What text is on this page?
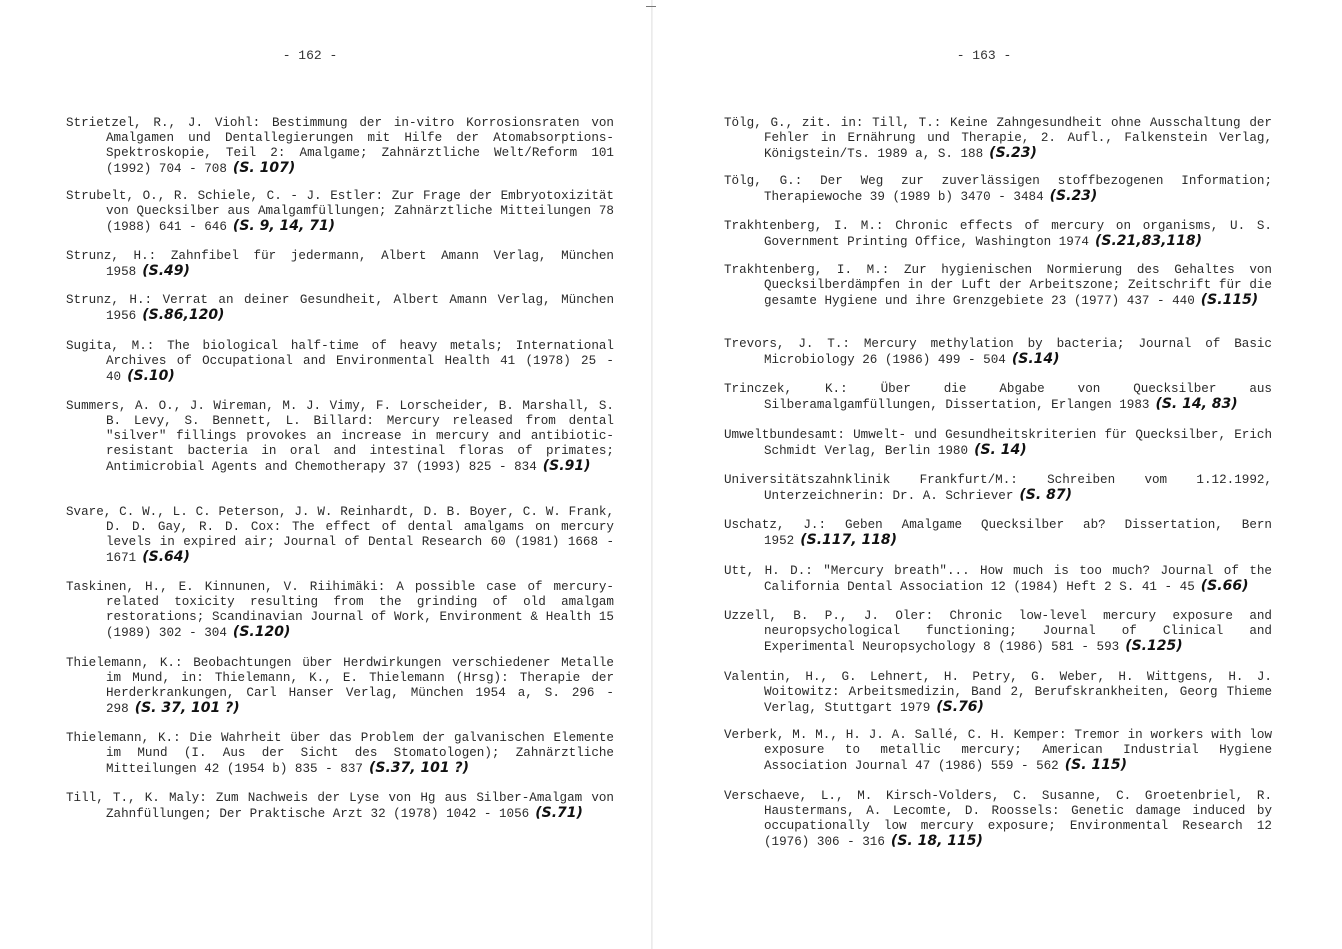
- 162 -
Strietzel, R., J. Viohl: Bestimmung der in-vitro Korrosionsraten von Amalgamen und Dentallegierungen mit Hilfe der Atomabsorptions-Spektroskopie, Teil 2: Amalgame; Zahnärztliche Welt/Reform 101 (1992) 704 - 708 (S. 107)
Strubelt, O., R. Schiele, C. - J. Estler: Zur Frage der Embryotoxizität von Quecksilber aus Amalgamfüllungen; Zahnärztliche Mitteilungen 78 (1988) 641 - 646 (S. 9, 14, 71)
Strunz, H.: Zahnfibel für jedermann, Albert Amann Verlag, München 1958 (S.49)
Strunz, H.: Verrat an deiner Gesundheit, Albert Amann Verlag, München 1956 (S.86,120)
Sugita, M.: The biological half-time of heavy metals; International Archives of Occupational and Environmental Health 41 (1978) 25 - 40 (S.10)
Summers, A. O., J. Wireman, M. J. Vimy, F. Lorscheider, B. Marshall, S. B. Levy, S. Bennett, L. Billard: Mercury released from dental "silver" fillings provokes an increase in mercury and antibiotic-resistant bacteria in oral and intestinal floras of primates; Antimicrobial Agents and Chemotherapy 37 (1993) 825 - 834 (S.91)
Svare, C. W., L. C. Peterson, J. W. Reinhardt, D. B. Boyer, C. W. Frank, D. D. Gay, R. D. Cox: The effect of dental amalgams on mercury levels in expired air; Journal of Dental Research 60 (1981) 1668 - 1671 (S.64)
Taskinen, H., E. Kinnunen, V. Riihimäki: A possible case of mercury-related toxicity resulting from the grinding of old amalgam restorations; Scandinavian Journal of Work, Environment & Health 15 (1989) 302 - 304 (S.120)
Thielemann, K.: Beobachtungen über Herdwirkungen verschiedener Metalle im Mund, in: Thielemann, K., E. Thielemann (Hrsg): Therapie der Herderkrankungen, Carl Hanser Verlag, München 1954 a, S. 296 - 298 (S. 37, 101 ?)
Thielemann, K.: Die Wahrheit über das Problem der galvanischen Elemente im Mund (I. Aus der Sicht des Stomatologen); Zahnärztliche Mitteilungen 42 (1954 b) 835 - 837 (S.37, 101 ?)
Till, T., K. Maly: Zum Nachweis der Lyse von Hg aus Silber-Amalgam von Zahnfüllungen; Der Praktische Arzt 32 (1978) 1042 - 1056 (S.71)
- 163 -
Tölg, G., zit. in: Till, T.: Keine Zahngesundheit ohne Ausschaltung der Fehler in Ernährung und Therapie, 2. Aufl., Falkenstein Verlag, Königstein/Ts. 1989 a, S. 188 (S.23)
Tölg, G.: Der Weg zur zuverlässigen stoffbezogenen Information; Therapiewoche 39 (1989 b) 3470 - 3484 (S.23)
Trakhtenberg, I. M.: Chronic effects of mercury on organisms, U. S. Government Printing Office, Washington 1974 (S.21,83,118)
Trakhtenberg, I. M.: Zur hygienischen Normierung des Gehaltes von Quecksilberdämpfen in der Luft der Arbeitszone; Zeitschrift für die gesamte Hygiene und ihre Grenzgebiete 23 (1977) 437 - 440 (S.115)
Trevors, J. T.: Mercury methylation by bacteria; Journal of Basic Microbiology 26 (1986) 499 - 504 (S.14)
Trinczek, K.: Über die Abgabe von Quecksilber aus Silberamalgamfüllungen, Dissertation, Erlangen 1983 (S. 14, 83)
Umweltbundesamt: Umwelt- und Gesundheitskriterien für Quecksilber, Erich Schmidt Verlag, Berlin 1980 (S. 14)
Universitätszahnklinik Frankfurt/M.: Schreiben vom 1.12.1992, Unterzeichnerin: Dr. A. Schriever (S. 87)
Uschatz, J.: Geben Amalgame Quecksilber ab? Dissertation, Bern 1952 (S.117, 118)
Utt, H. D.: "Mercury breath"... How much is too much? Journal of the California Dental Association 12 (1984) Heft 2 S. 41 - 45 (S.66)
Uzzell, B. P., J. Oler: Chronic low-level mercury exposure and neuropsychological functioning; Journal of Clinical and Experimental Neuropsychology 8 (1986) 581 - 593 (S.125)
Valentin, H., G. Lehnert, H. Petry, G. Weber, H. Wittgens, H. J. Woitowitz: Arbeitsmedizin, Band 2, Berufskrankheiten, Georg Thieme Verlag, Stuttgart 1979 (S.76)
Verberk, M. M., H. J. A. Sallé, C. H. Kemper: Tremor in workers with low exposure to metallic mercury; American Industrial Hygiene Association Journal 47 (1986) 559 - 562 (S. 115)
Verschaeve, L., M. Kirsch-Volders, C. Susanne, C. Groetenbriel, R. Haustermans, A. Lecomte, D. Roossels: Genetic damage induced by occupationally low mercury exposure; Environmental Research 12 (1976) 306 - 316 (S. 18, 115)
